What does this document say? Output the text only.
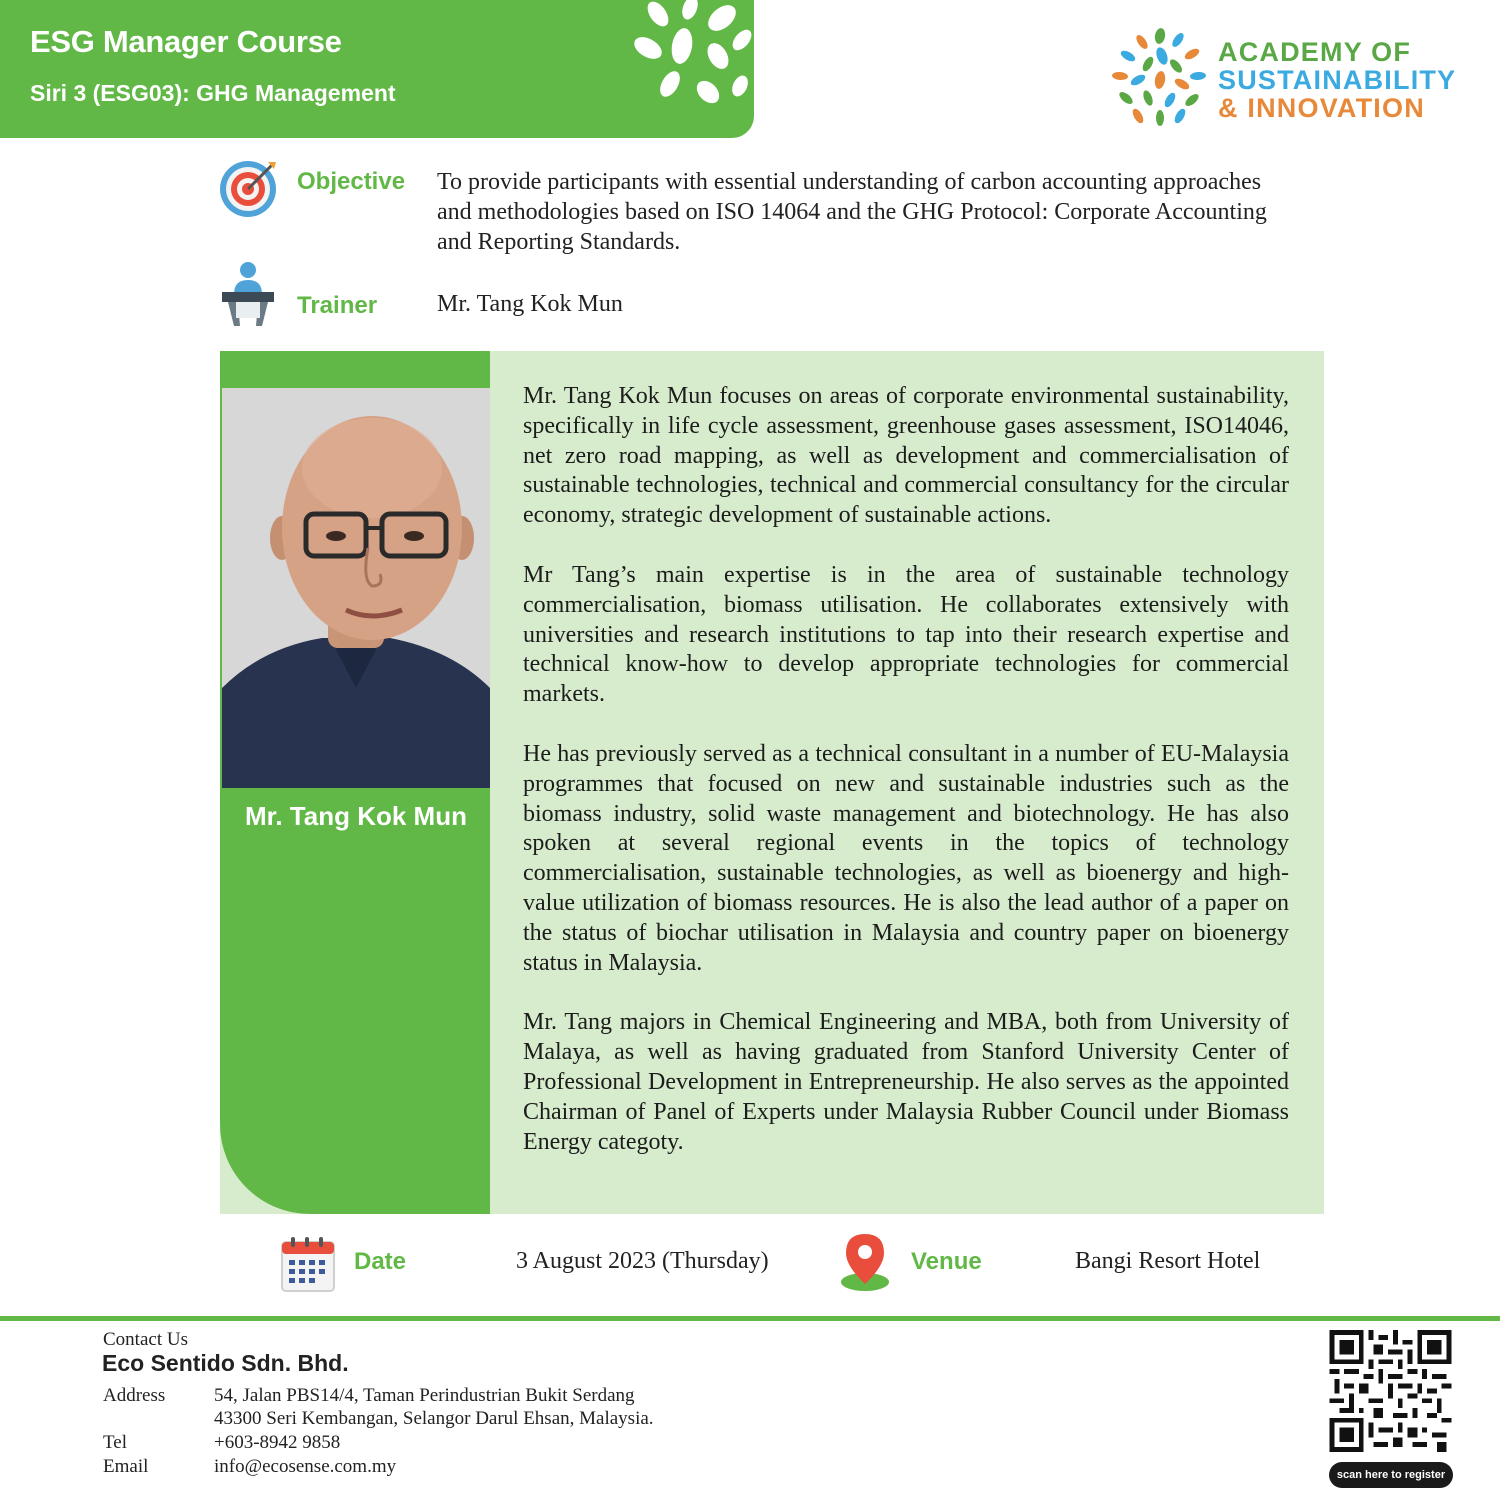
ESG Manager Course
Siri 3 (ESG03): GHG Management
ACADEMY OF
SUSTAINABILITY
& INNOVATION
Objective To provide participants with essential understanding of carbon accounting approaches and methodologies based on ISO 14064 and the GHG Protocol: Corporate Accounting and Reporting Standards.
Trainer Mr. Tang Kok Mun
Mr. Tang Kok Mun

Mr. Tang Kok Mun focuses on areas of corporate environmental sustainability, specifically in life cycle assessment, greenhouse gases assessment, ISO14046, net zero road mapping, as well as development and commercialisation of sustainable technologies, technical and commercial consultancy for the circular economy, strategic development of sustainable actions.

Mr Tang’s main expertise is in the area of sustainable technology commercialisation, biomass utilisation. He collaborates extensively with universities and research institutions to tap into their research expertise and technical know-how to develop appropriate technologies for commercial markets.

He has previously served as a technical consultant in a number of EU-Malaysia programmes that focused on new and sustainable industries such as the biomass industry, solid waste management and biotechnology. He has also spoken at several regional events in the topics of technology commercialisation, sustainable technologies, as well as bioenergy and high-value utilization of biomass resources. He is also the lead author of a paper on the status of biochar utilisation in Malaysia and country paper on bioenergy status in Malaysia.

Mr. Tang majors in Chemical Engineering and MBA, both from University of Malaya, as well as having graduated from Stanford University Center of Professional Development in Entrepreneurship. He also serves as the appointed Chairman of Panel of Experts under Malaysia Rubber Council under Biomass Energy categoty.

Date	3 August 2023 (Thursday)	Venue	Bangi Resort Hotel
Contact Us
Eco Sentido Sdn. Bhd.
Address	54, Jalan PBS14/4, Taman Perindustrian Bukit Serdang
43300 Seri Kembangan, Selangor Darul Ehsan, Malaysia.
Tel	+603-8942 9858
Email	info@ecosense.com.my	scan here to register
